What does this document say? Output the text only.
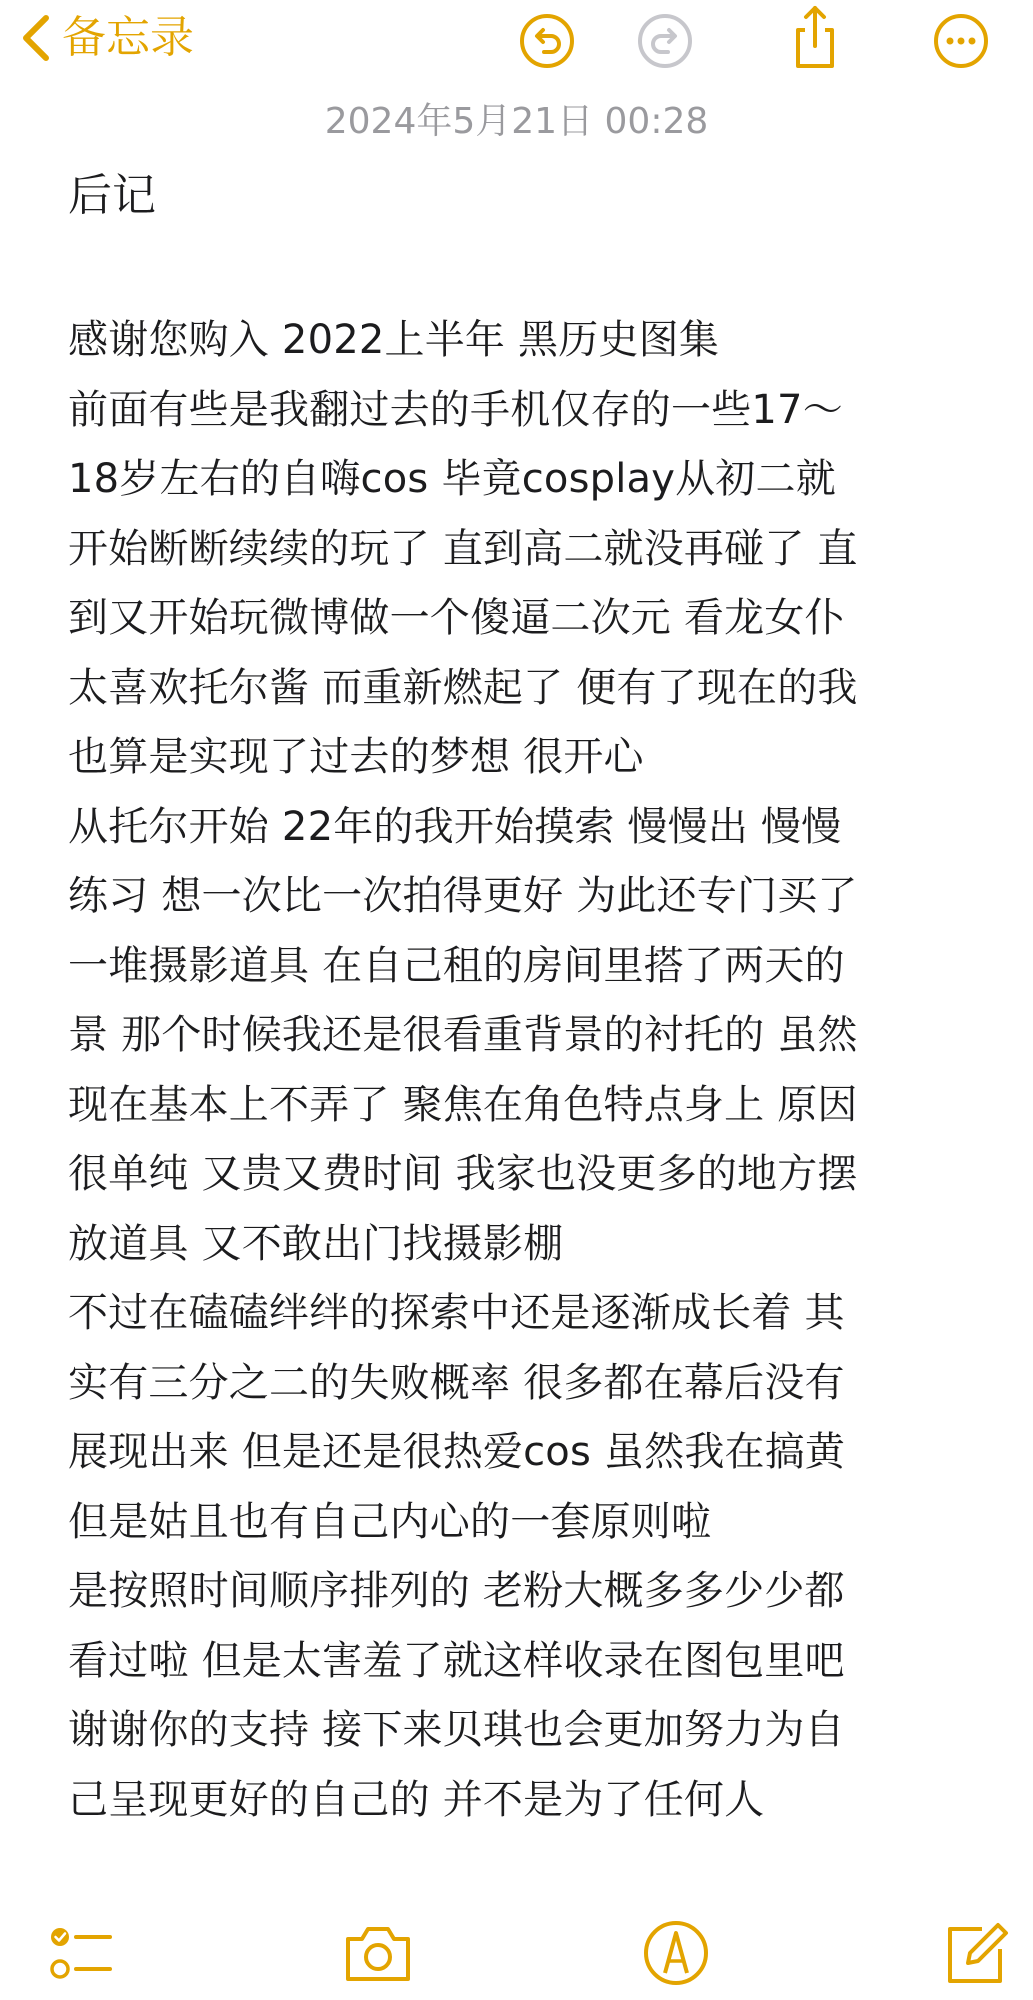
备忘录
2024年5月21日 00:28
后记
感谢您购入 2022上半年 黑历史图集
前面有些是我翻过去的手机仅存的一些17～
18岁左右的自嗨cos 毕竟cosplay从初二就
开始断断续续的玩了 直到高二就没再碰了 直
到又开始玩微博做一个傻逼二次元 看龙女仆
太喜欢托尔酱 而重新燃起了 便有了现在的我
也算是实现了过去的梦想 很开心
从托尔开始 22年的我开始摸索 慢慢出 慢慢
练习 想一次比一次拍得更好 为此还专门买了
一堆摄影道具 在自己租的房间里搭了两天的
景 那个时候我还是很看重背景的衬托的 虽然
现在基本上不弄了 聚焦在角色特点身上 原因
很单纯 又贵又费时间 我家也没更多的地方摆
放道具 又不敢出门找摄影棚
不过在磕磕绊绊的探索中还是逐渐成长着 其
实有三分之二的失败概率 很多都在幕后没有
展现出来 但是还是很热爱cos 虽然我在搞黄
但是姑且也有自己内心的一套原则啦
是按照时间顺序排列的 老粉大概多多少少都
看过啦 但是太害羞了就这样收录在图包里吧
谢谢你的支持 接下来贝琪也会更加努力为自
己呈现更好的自己的 并不是为了任何人
